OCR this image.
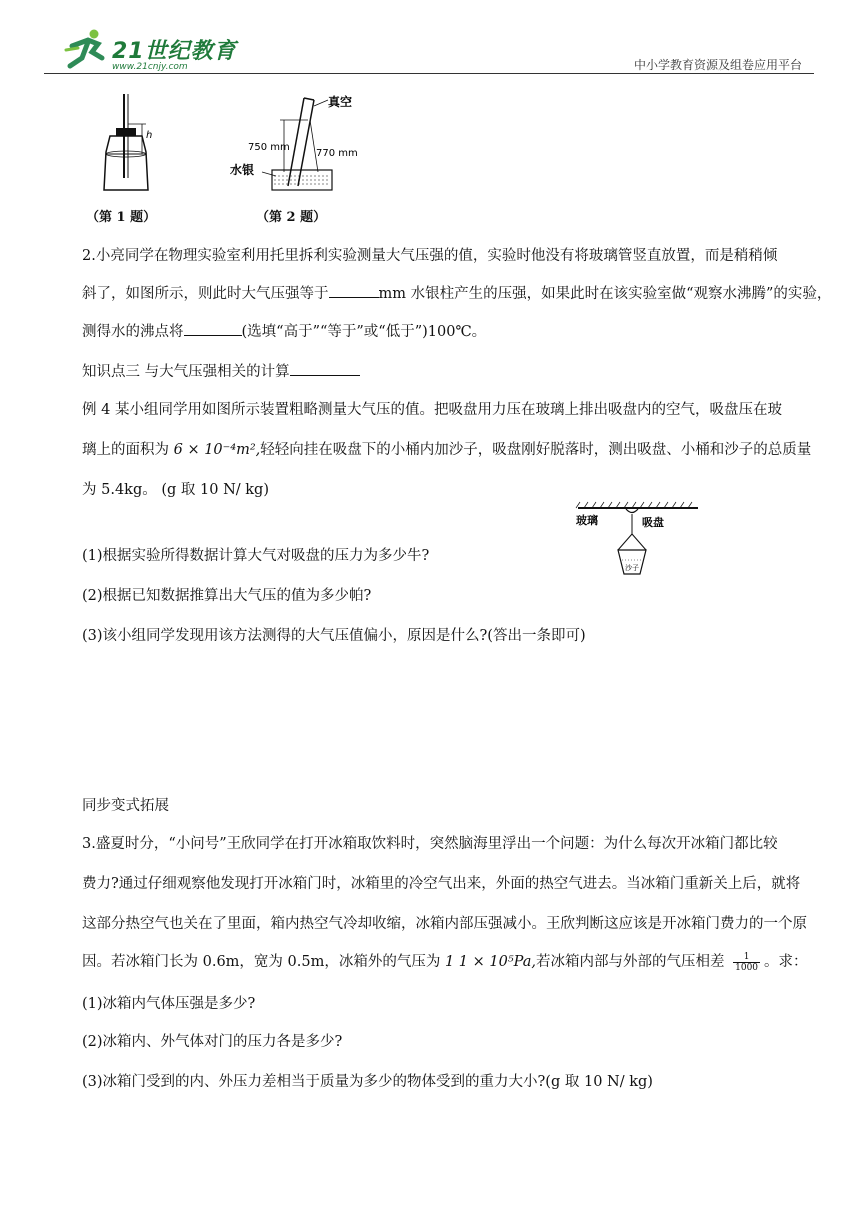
21世纪教育
www.21cnjy.com	中小学教育资源及组卷应用平台
h
（第 1 题）
真空
750 mm
770 mm
水银
（第 2 题）
2.小亮同学在物理实验室利用托里拆利实验测量大气压强的值，实验时他没有将玻璃管竖直放置，而是稍稍倾
斜了，如图所示，则此时大气压强等于	mm 水银柱产生的压强，如果此时在该实验室做“观察水沸腾”的实验，
测得水的沸点将	(选填“高于”“等于”或“低于”)100℃。
知识点三 与大气压强相关的计算
例 4 某小组同学用如图所示装置粗略测量大气压的值。把吸盘用力压在玻璃上排出吸盘内的空气，吸盘压在玻
璃上的面积为 6 × 10⁻⁴m²,轻轻向挂在吸盘下的小桶内加沙子，吸盘刚好脱落时，测出吸盘、小桶和沙子的总质量
为 5.4kg。 (g 取 10 N/ kg)
玻璃	吸盘
沙子
(1)根据实验所得数据计算大气对吸盘的压力为多少牛?
(2)根据已知数据推算出大气压的值为多少帕?
(3)该小组同学发现用该方法测得的大气压值偏小，原因是什么?(答出一条即可)
同步变式拓展
3.盛夏时分，“小问号”王欣同学在打开冰箱取饮料时，突然脑海里浮出一个问题：为什么每次开冰箱门都比较
费力?通过仔细观察他发现打开冰箱门时，冰箱里的冷空气出来，外面的热空气进去。当冰箱门重新关上后，就将
这部分热空气也关在了里面，箱内热空气冷却收缩，冰箱内部压强减小。王欣判断这应该是开冰箱门费力的一个原
因。若冰箱门长为 0.6m，宽为 0.5m，冰箱外的气压为 1 1 × 10⁵Pa,若冰箱内部与外部的气压相差 $\frac{1}{1000}$ 。求：
(1)冰箱内气体压强是多少?
(2)冰箱内、外气体对门的压力各是多少?
(3)冰箱门受到的内、外压力差相当于质量为多少的物体受到的重力大小?(g 取 10 N/ kg)
